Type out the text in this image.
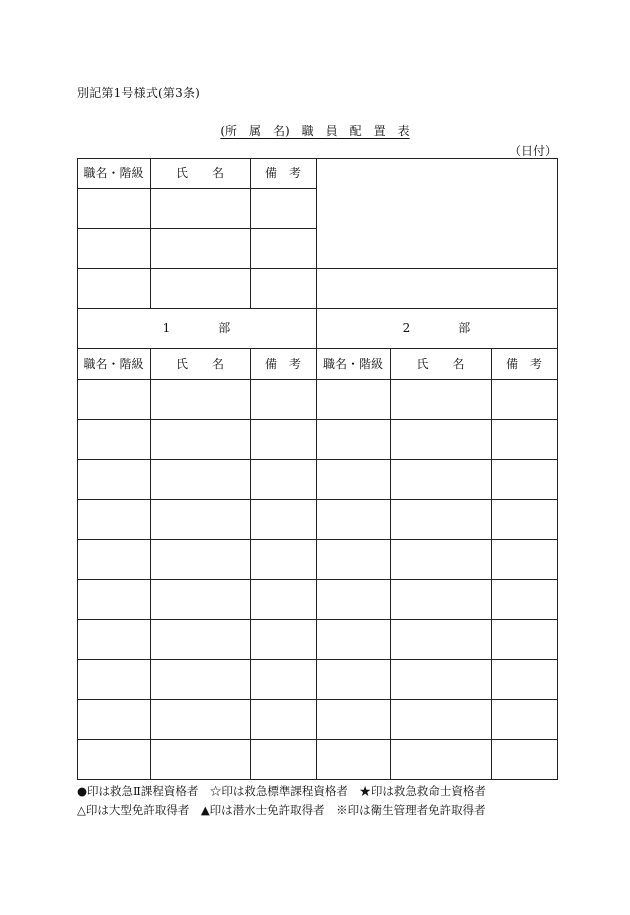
別記第1号様式(第3条)
(所　属　名)　職　員　配　置　表
（日付）
職名・階級	氏　　名	備　考
1　　　　部	2　　　　部
職名・階級	氏　　名	備　考	職名・階級	氏　　名	備　考
●印は救急Ⅱ課程資格者　☆印は救急標準課程資格者　★印は救急救命士資格者
△印は大型免許取得者　▲印は潜水士免許取得者　※印は衛生管理者免許取得者
